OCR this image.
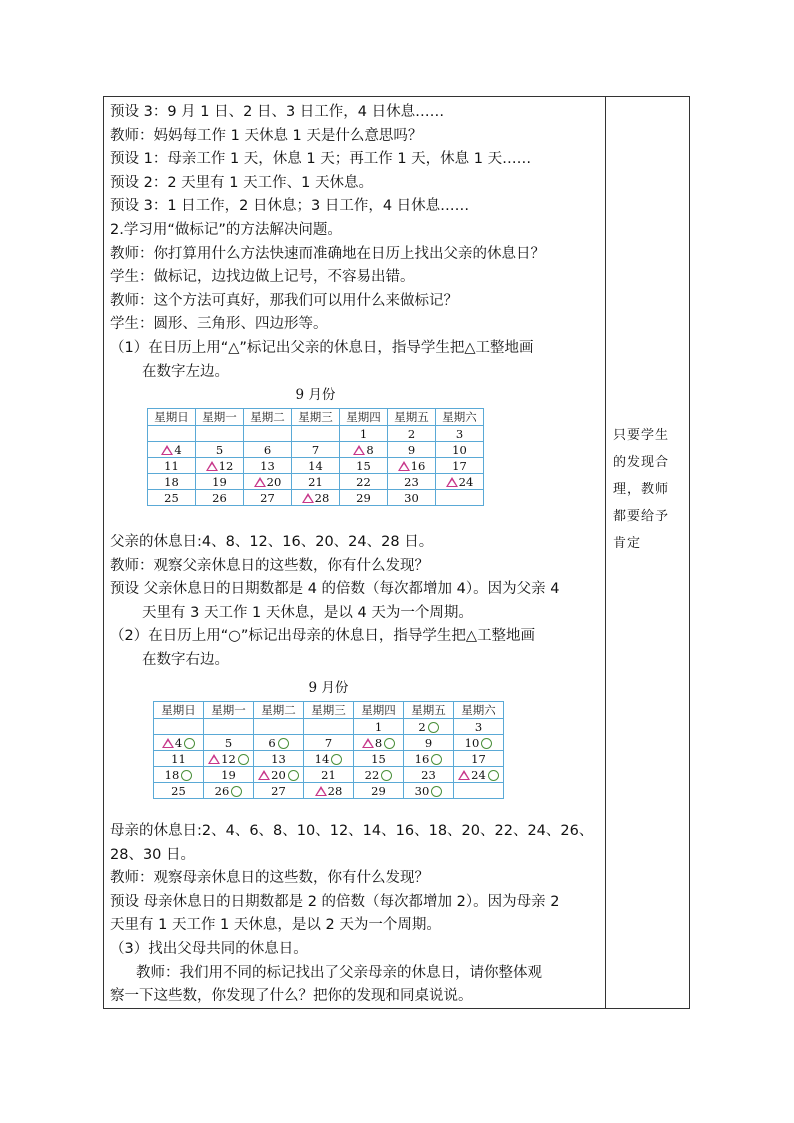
预设 3：9 月 1 日、2 日、3 日工作，4 日休息……
教师：妈妈每工作 1 天休息 1 天是什么意思吗？
预设 1：母亲工作 1 天，休息 1 天；再工作 1 天，休息 1 天……
预设 2：2 天里有 1 天工作、1 天休息。
预设 3：1 日工作，2 日休息；3 日工作，4 日休息……
2.学习用“做标记”的方法解决问题。
教师：你打算用什么方法快速而准确地在日历上找出父亲的休息日？
学生：做标记，边找边做上记号，不容易出错。
教师：这个方法可真好，那我们可以用什么来做标记？
学生：圆形、三角形、四边形等。
（1）在日历上用“△”标记出父亲的休息日，指导学生把△工整地画
在数字左边。
9 月份
星期日	星期一	星期二	星期三	星期四	星期五	星期六
				1	2	3
4	5	6	7	8	9	10
11	12	13	14	15	16	17
18	19	20	21	22	23	24
25	26	27	28	29	30	
父亲的休息日:4、8、12、16、20、24、28 日。
教师：观察父亲休息日的这些数，你有什么发现？
预设 父亲休息日的日期数都是 4 的倍数（每次都增加 4）。因为父亲 4
天里有 3 天工作 1 天休息，是以 4 天为一个周期。
（2）在日历上用“○”标记出母亲的休息日，指导学生把△工整地画
在数字右边。
9 月份
星期日	星期一	星期二	星期三	星期四	星期五	星期六
				1	2	3
4	5	6	7	8	9	10
11	12	13	14	15	16	17
18	19	20	21	22	23	24
25	26	27	28	29	30	
母亲的休息日:2、4、6、8、10、12、14、16、18、20、22、24、26、
28、30 日。
教师：观察母亲休息日的这些数，你有什么发现？
预设 母亲休息日的日期数都是 2 的倍数（每次都增加 2）。因为母亲 2
天里有 1 天工作 1 天休息，是以 2 天为一个周期。
（3）找出父母共同的休息日。
教师：我们用不同的标记找出了父亲母亲的休息日，请你整体观
察一下这些数，你发现了什么？把你的发现和同桌说说。
只要学生
的发现合
理，教师
都要给予
肯定
